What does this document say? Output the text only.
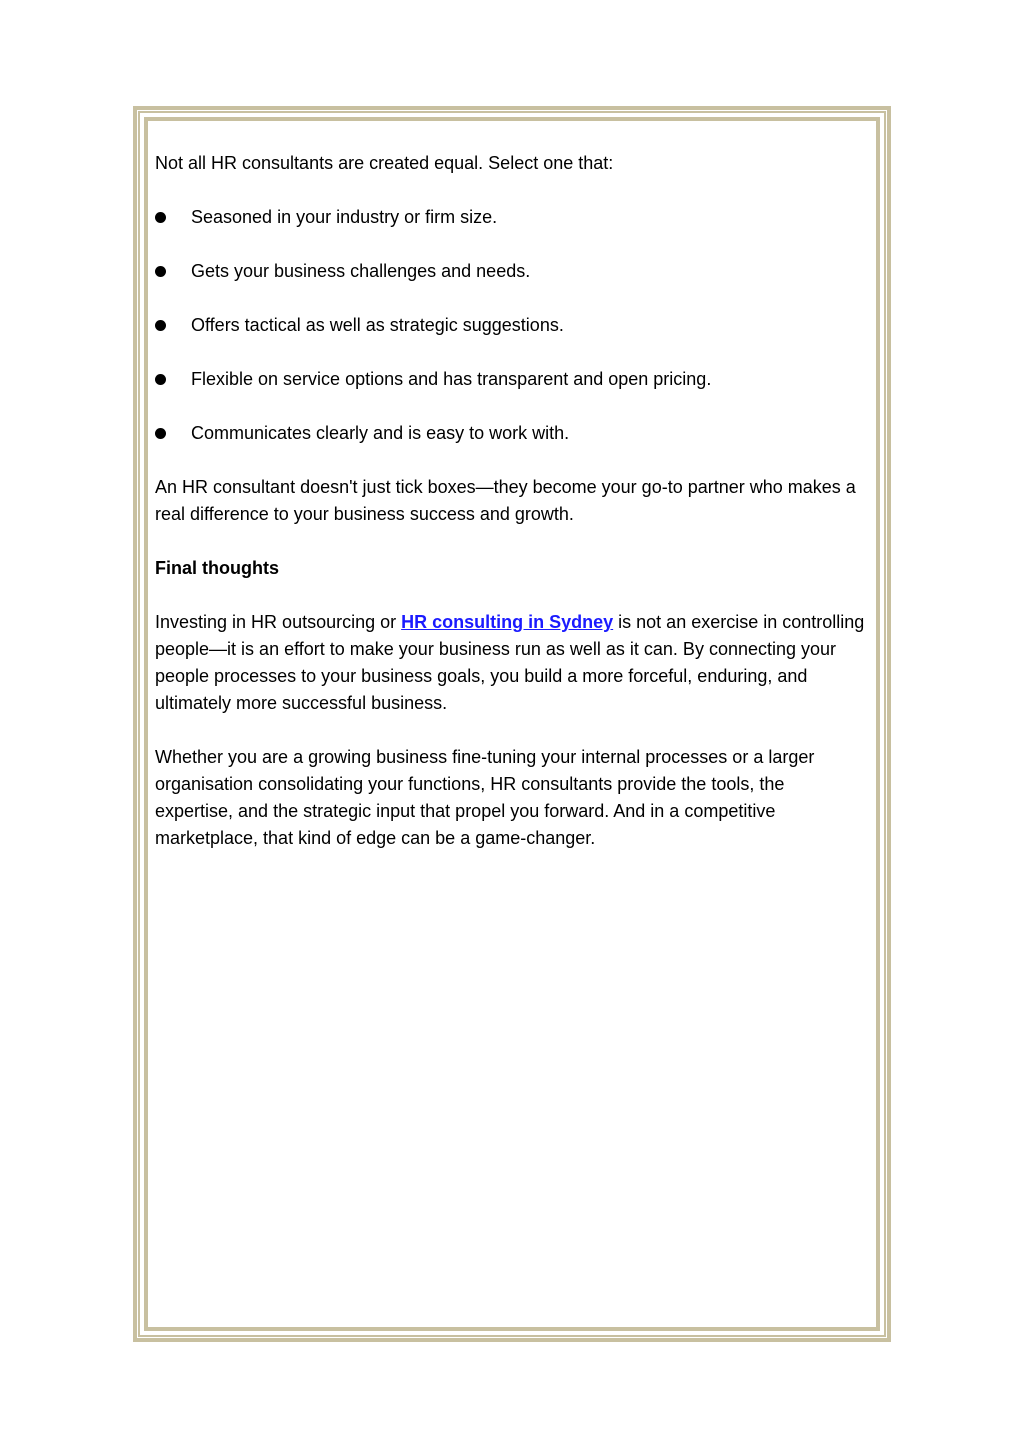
Not all HR consultants are created equal. Select one that:

Seasoned in your industry or firm size.
Gets your business challenges and needs.
Offers tactical as well as strategic suggestions.
Flexible on service options and has transparent and open pricing.
Communicates clearly and is easy to work with.

An HR consultant doesn't just tick boxes—they become your go-to partner who makes a real difference to your business success and growth.

Final thoughts

Investing in HR outsourcing or HR consulting in Sydney is not an exercise in controlling people—it is an effort to make your business run as well as it can. By connecting your people processes to your business goals, you build a more forceful, enduring, and ultimately more successful business.

Whether you are a growing business fine-tuning your internal processes or a larger organisation consolidating your functions, HR consultants provide the tools, the expertise, and the strategic input that propel you forward. And in a competitive marketplace, that kind of edge can be a game-changer.
